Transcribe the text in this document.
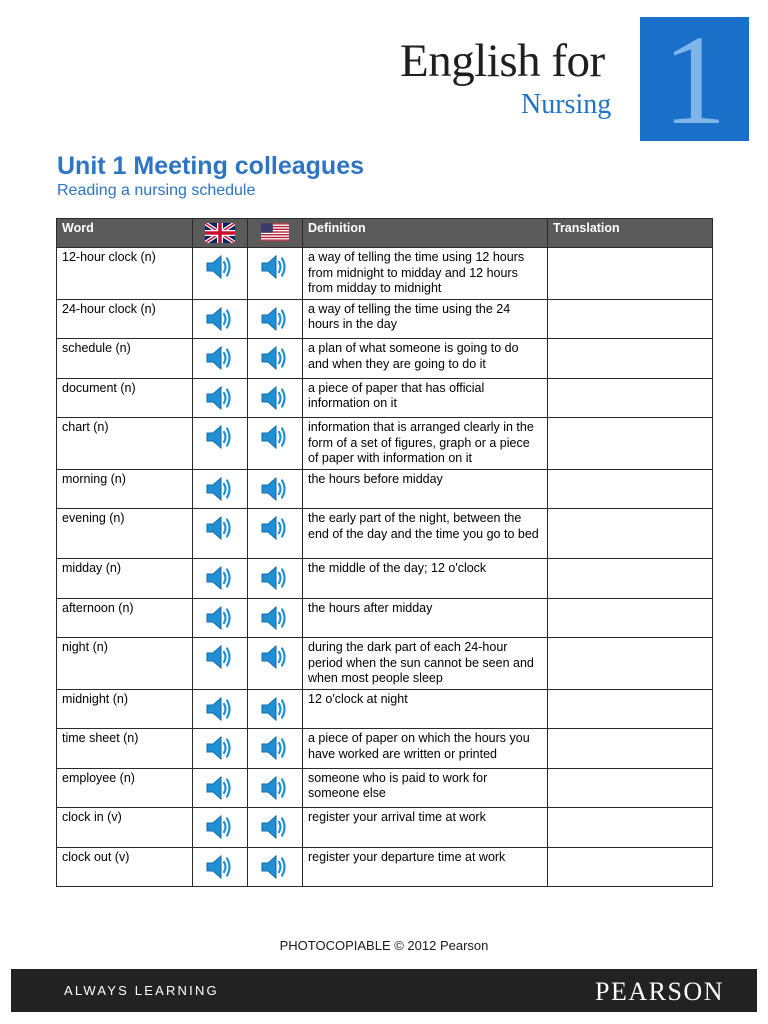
English for
Nursing 1
Unit 1 Meeting colleagues
Reading a nursing schedule
Word			Definition	Translation
12-hour clock (n)			a way of telling the time using 12 hours from midnight to midday and 12 hours from midday to midnight	
24-hour clock (n)			a way of telling the time using the 24 hours in the day	
schedule (n)			a plan of what someone is going to do and when they are going to do it	
document (n)			a piece of paper that has official information on it	
chart (n)			information that is arranged clearly in the form of a set of figures, graph or a piece of paper with information on it	
morning (n)			the hours before midday	
evening (n)			the early part of the night, between the end of the day and the time you go to bed	
midday (n)			the middle of the day; 12 o'clock	
afternoon (n)			the hours after midday	
night (n)			during the dark part of each 24-hour period when the sun cannot be seen and when most people sleep	
midnight (n)			12 o'clock at night	
time sheet (n)			a piece of paper on which the hours you have worked are written or printed	
employee (n)			someone who is paid to work for someone else	
clock in (v)			register your arrival time at work	
clock out (v)			register your departure time at work	
PHOTOCOPIABLE © 2012 Pearson
ALWAYS LEARNING	PEARSON
